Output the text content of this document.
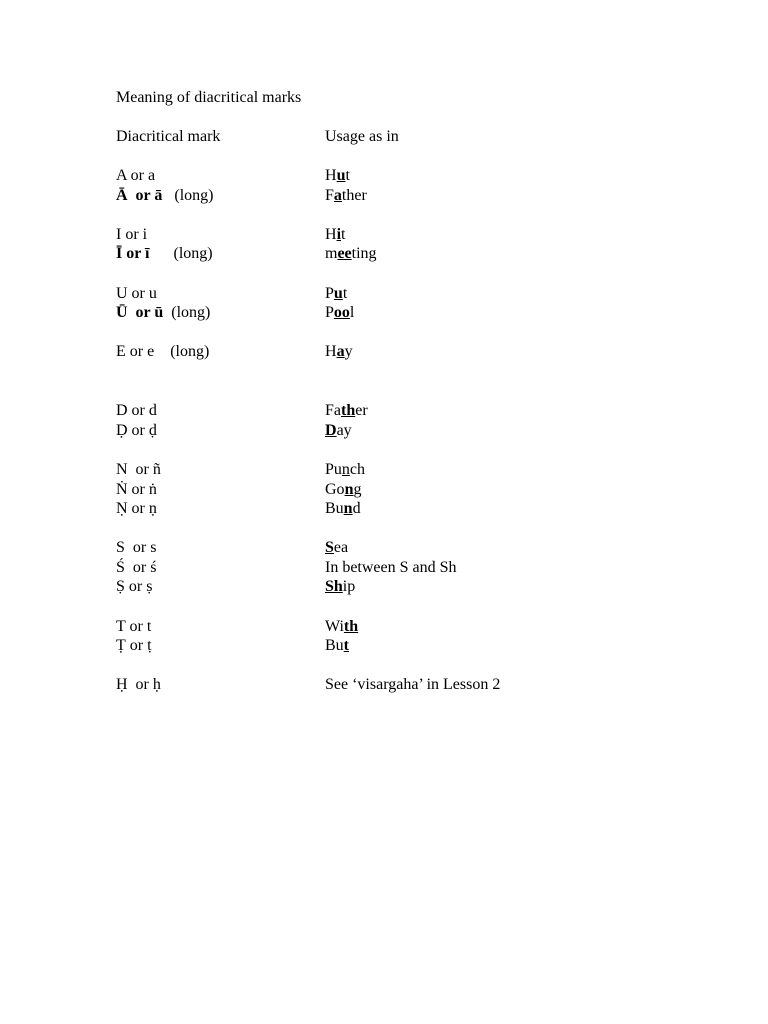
Meaning of diacritical marks
Diacritical mark	Usage as in
A or a	Hut
Ā  or ā   (long)	Father
I or i	Hit
Ī or ī      (long)	meeting
U or u	Put
Ū  or ū  (long)	Pool
E or e    (long)	Hay
D or d	Father
Ḍ or ḍ	Day
N  or ñ	Punch
Ṅ or ṅ	Gong
Ṇ or ṇ	Bund
S  or s	Sea
Ś  or ś	In between S and Sh
Ṣ or ṣ	Ship
T or t	With
Ṭ or ṭ	But
Ḥ  or ḥ	See ‘visargaha’ in Lesson 2
